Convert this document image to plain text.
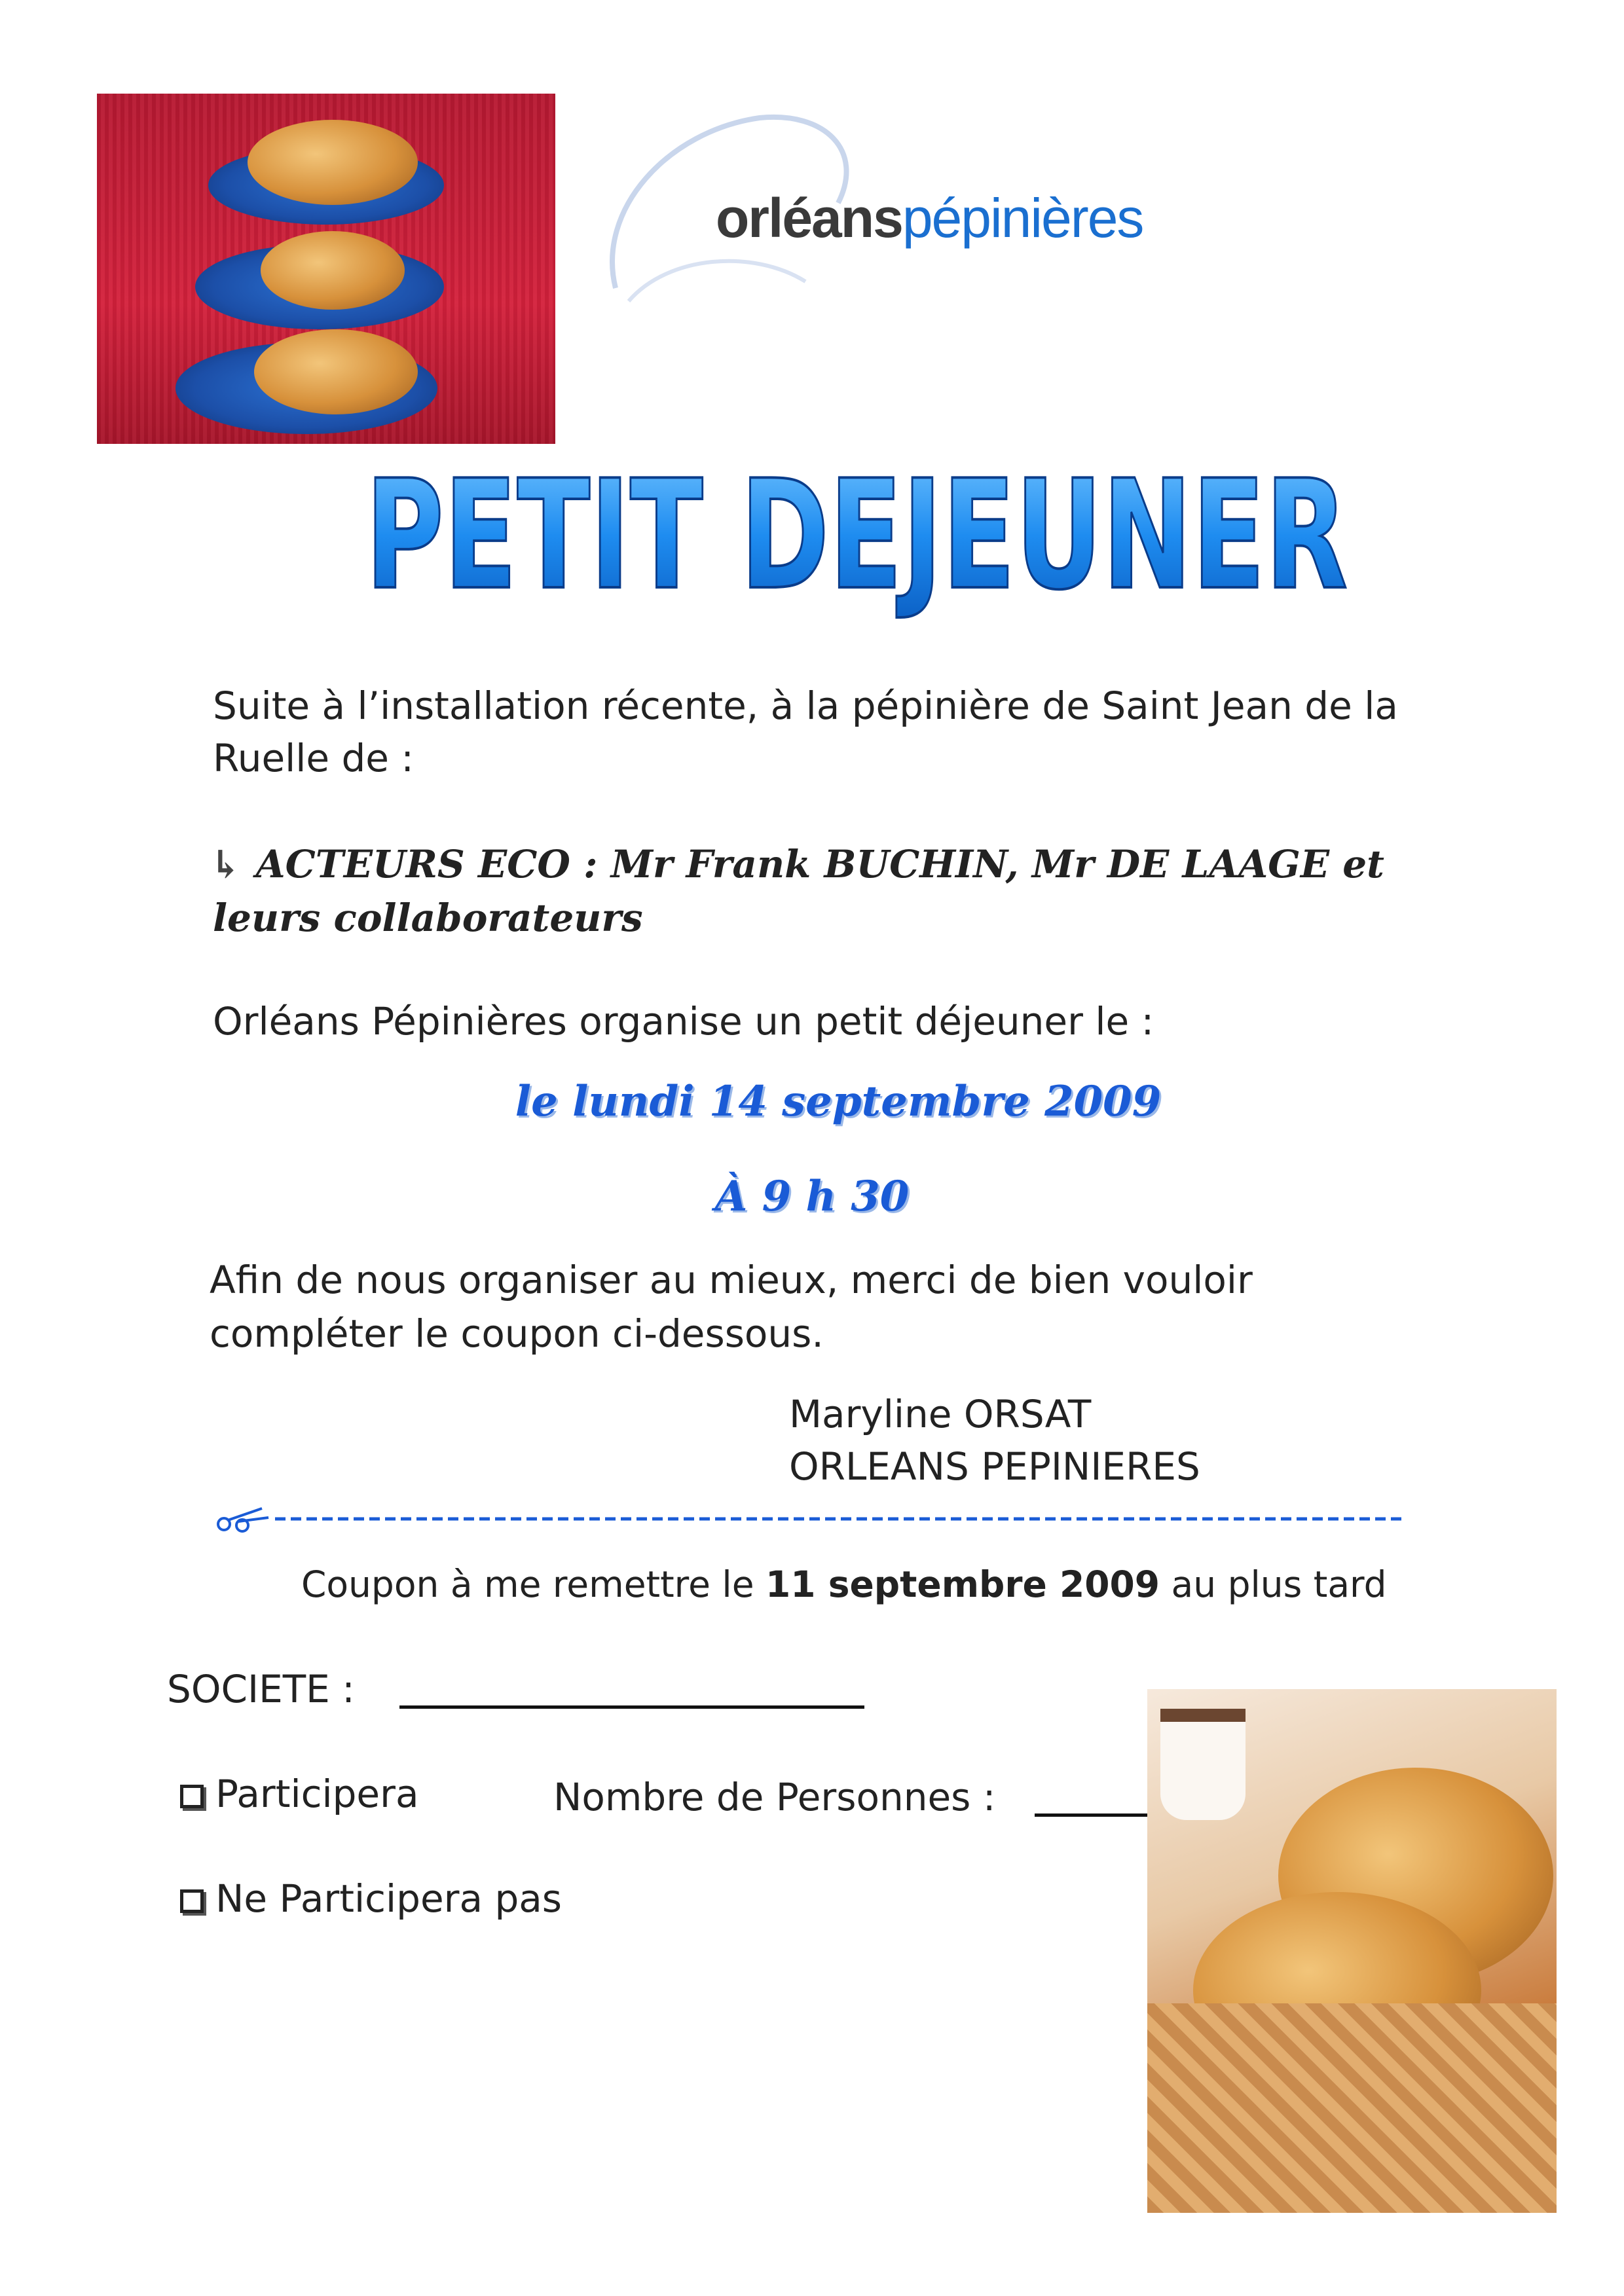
orléanspépinières
PETIT DEJEUNER
Suite à l’installation récente, à la pépinière de Saint Jean de la
Ruelle de :
↳ ACTEURS ECO : Mr Frank BUCHIN, Mr DE LAAGE et
leurs collaborateurs
Orléans Pépinières organise un petit déjeuner le :
le lundi 14 septembre 2009
À 9 h 30
Afin de nous organiser au mieux, merci de bien vouloir
compléter le coupon ci-dessous.
Maryline ORSAT
ORLEANS PEPINIERES
Coupon à me remettre le 11 septembre 2009 au plus tard
SOCIETE :
Participera	Nombre de Personnes :
Ne Participera pas
